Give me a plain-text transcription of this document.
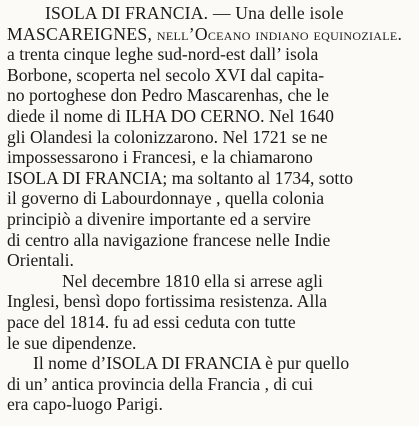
ISOLA DI FRANCIA. — Una delle isole
MASCAREIGNES, nell’Oceano indiano equinoziale.
a trenta cinque leghe sud-nord-est dall’ isola
Borbone, scoperta nel secolo XVI dal capita-
no portoghese don Pedro Mascarenhas, che le
diede il nome di ILHA DO CERNO. Nel 1640
gli Olandesi la colonizzarono. Nel 1721 se ne
impossessarono i Francesi, e la chiamarono
ISOLA DI FRANCIA; ma soltanto al 1734, sotto
il governo di Labourdonnaye , quella colonia
principiò a divenire importante ed a servire
di centro alla navigazione francese nelle Indie
Orientali.
Nel decembre 1810 ella si arrese agli
Inglesi, bensì dopo fortissima resistenza. Alla
pace del 1814. fu ad essi ceduta con tutte
le sue dipendenze.
Il nome d’ISOLA DI FRANCIA è pur quello
di un’ antica provincia della Francia , di cui
era capo-luogo Parigi.
